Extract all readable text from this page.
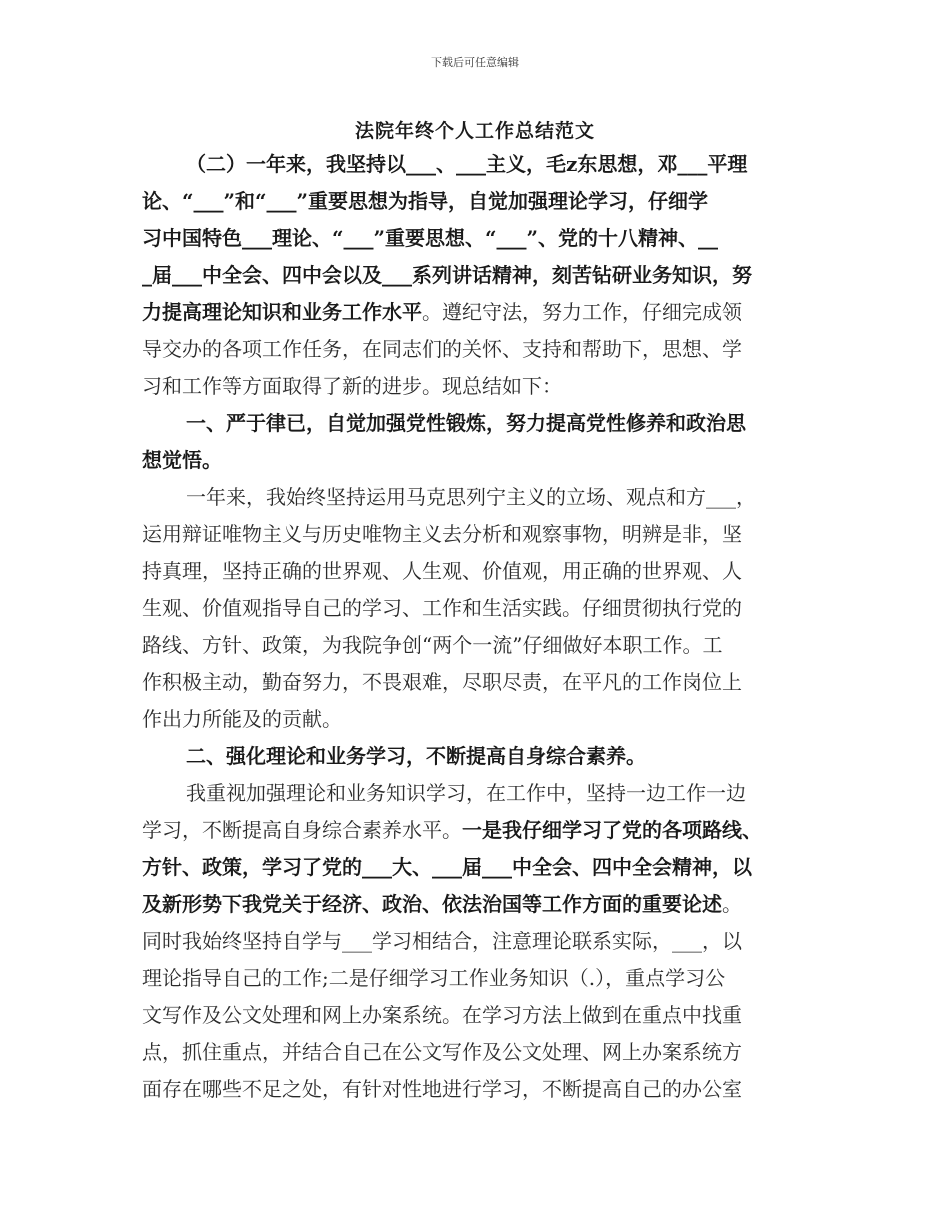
下载后可任意编辑
法院年终个人工作总结范文
（二）一年来，我坚持以___、___主义，毛z东思想，邓___平理
论、“___”和“___”重要思想为指导，自觉加强理论学习，仔细学
习中国特色___理论、“___”重要思想、“___”、党的十八精神、__
_届___中全会、四中会以及___系列讲话精神，刻苦钻研业务知识，努
力提高理论知识和业务工作水平。遵纪守法，努力工作，仔细完成领
导交办的各项工作任务，在同志们的关怀、支持和帮助下，思想、学
习和工作等方面取得了新的进步。现总结如下：
一、严于律已，自觉加强党性锻炼，努力提高党性修养和政治思
想觉悟。
一年来，我始终坚持运用马克思列宁主义的立场、观点和方___，
运用辩证唯物主义与历史唯物主义去分析和观察事物，明辨是非，坚
持真理，坚持正确的世界观、人生观、价值观，用正确的世界观、人
生观、价值观指导自己的学习、工作和生活实践。仔细贯彻执行党的
路线、方针、政策，为我院争创“两个一流”仔细做好本职工作。工
作积极主动，勤奋努力，不畏艰难，尽职尽责，在平凡的工作岗位上
作出力所能及的贡献。
二、强化理论和业务学习，不断提高自身综合素养。
我重视加强理论和业务知识学习，在工作中，坚持一边工作一边
学习，不断提高自身综合素养水平。一是我仔细学习了党的各项路线、
方针、政策，学习了党的___大、___届___中全会、四中全会精神，以
及新形势下我党关于经济、政治、依法治国等工作方面的重要论述。
同时我始终坚持自学与___学习相结合，注意理论联系实际，___，以
理论指导自己的工作;二是仔细学习工作业务知识（.），重点学习公
文写作及公文处理和网上办案系统。在学习方法上做到在重点中找重
点，抓住重点，并结合自己在公文写作及公文处理、网上办案系统方
面存在哪些不足之处，有针对性地进行学习，不断提高自己的办公室
